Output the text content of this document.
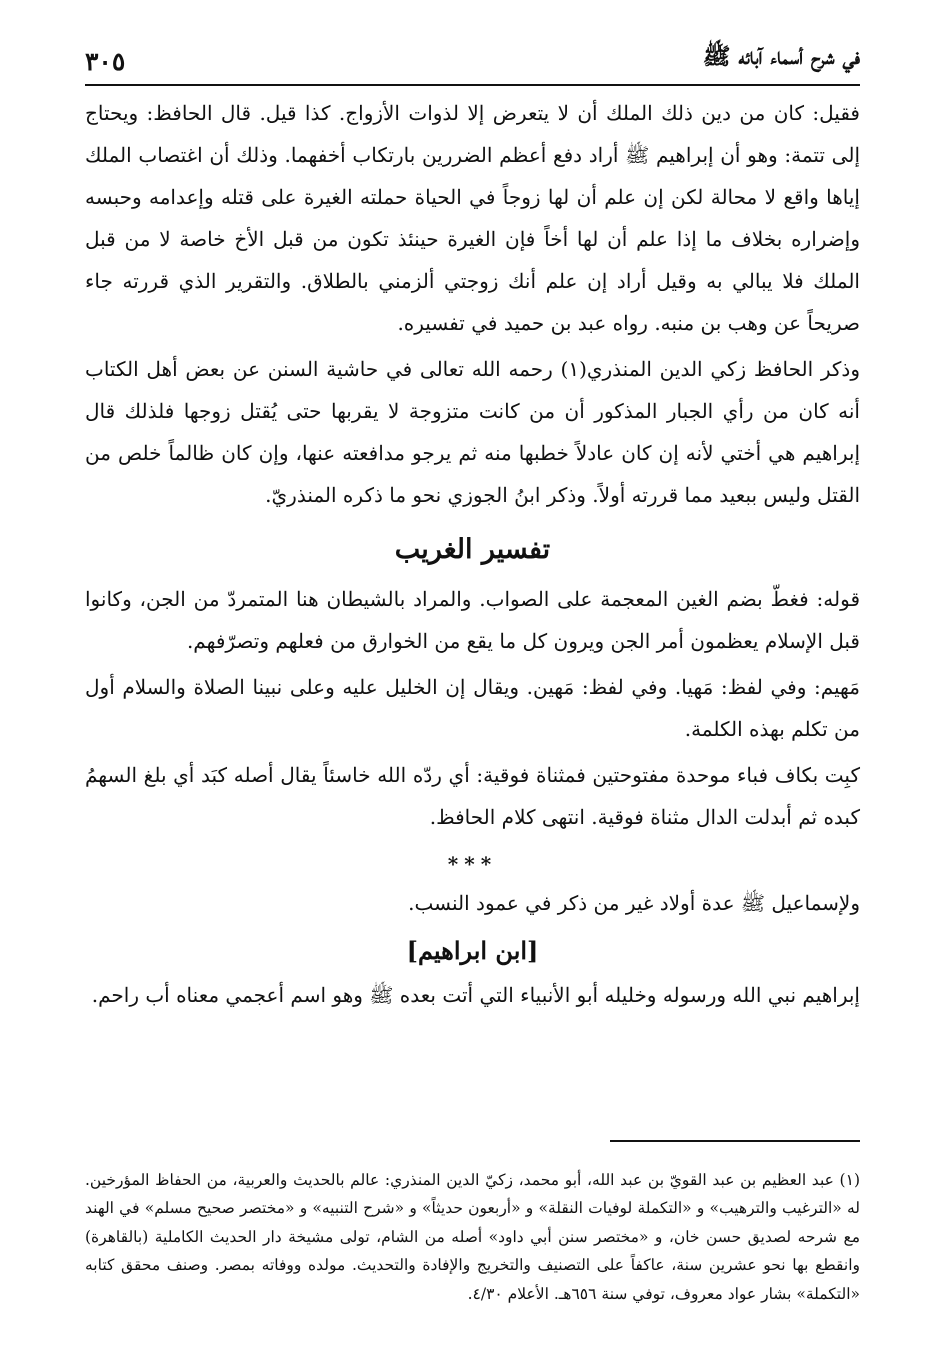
في شرح أسماء آبائه ﷺ
٣٠٥

فقيل: كان من دين ذلك الملك أن لا يتعرض إلا لذوات الأزواج. كذا قيل. قال الحافظ: ويحتاج إلى تتمة: وهو أن إبراهيم ﷺ أراد دفع أعظم الضررين بارتكاب أخفهما. وذلك أن اغتصاب الملك إياها واقع لا محالة لكن إن علم أن لها زوجاً في الحياة حملته الغيرة على قتله وإعدامه وحبسه وإضراره بخلاف ما إذا علم أن لها أخاً فإن الغيرة حينئذ تكون من قبل الأخ خاصة لا من قبل الملك فلا يبالي به وقيل أراد إن علم أنك زوجتي ألزمني بالطلاق. والتقرير الذي قررته جاء صريحاً عن وهب بن منبه. رواه عبد بن حميد في تفسيره.

وذكر الحافظ زكي الدين المنذري(١) رحمه الله تعالى في حاشية السنن عن بعض أهل الكتاب أنه كان من رأي الجبار المذكور أن من كانت متزوجة لا يقربها حتى يُقتل زوجها فلذلك قال إبراهيم هي أختي لأنه إن كان عادلاً خطبها منه ثم يرجو مدافعته عنها، وإن كان ظالماً خلص من القتل وليس ببعيد مما قررته أولاً. وذكر ابنُ الجوزي نحو ما ذكره المنذريّ.

تفسير الغريب

قوله: فغطّ بضم الغين المعجمة على الصواب. والمراد بالشيطان هنا المتمردّ من الجن، وكانوا قبل الإسلام يعظمون أمر الجن ويرون كل ما يقع من الخوارق من فعلهم وتصرّفهم.

مَهيم: وفي لفظ: مَهيا. وفي لفظ: مَهين. ويقال إن الخليل عليه وعلى نبينا الصلاة والسلام أول من تكلم بهذه الكلمة.

كبِت بكاف فباء موحدة مفتوحتين فمثناة فوقية: أي ردّه الله خاسئاً يقال أصله كبَد أي بلغ السهمُ كبده ثم أبدلت الدال مثناة فوقية. انتهى كلام الحافظ.

***

ولإسماعيل ﷺ عدة أولاد غير من ذكر في عمود النسب.

[ابن ابراهيم]

إبراهيم نبي الله ورسوله وخليله أبو الأنبياء التي أتت بعده ﷺ وهو اسم أعجمي معناه أب راحم.

(١) عبد العظيم بن عبد القويّ بن عبد الله، أبو محمد، زكيّ الدين المنذري: عالم بالحديث والعربية، من الحفاظ المؤرخين. له «الترغيب والترهيب» و «التكملة لوفيات النقلة» و «أربعون حديثاً» و «شرح التنبيه» و «مختصر صحيح مسلم» في الهند مع شرحه لصديق حسن خان، و «مختصر سنن أبي داود» أصله من الشام، تولى مشيخة دار الحديث الكاملية (بالقاهرة) وانقطع بها نحو عشرين سنة، عاكفاً على التصنيف والتخريج والإفادة والتحديث. مولده ووفاته بمصر. وصنف محقق كتابه «التكملة» بشار عواد معروف، توفي سنة ٦٥٦هـ. الأعلام ٤/٣٠.
